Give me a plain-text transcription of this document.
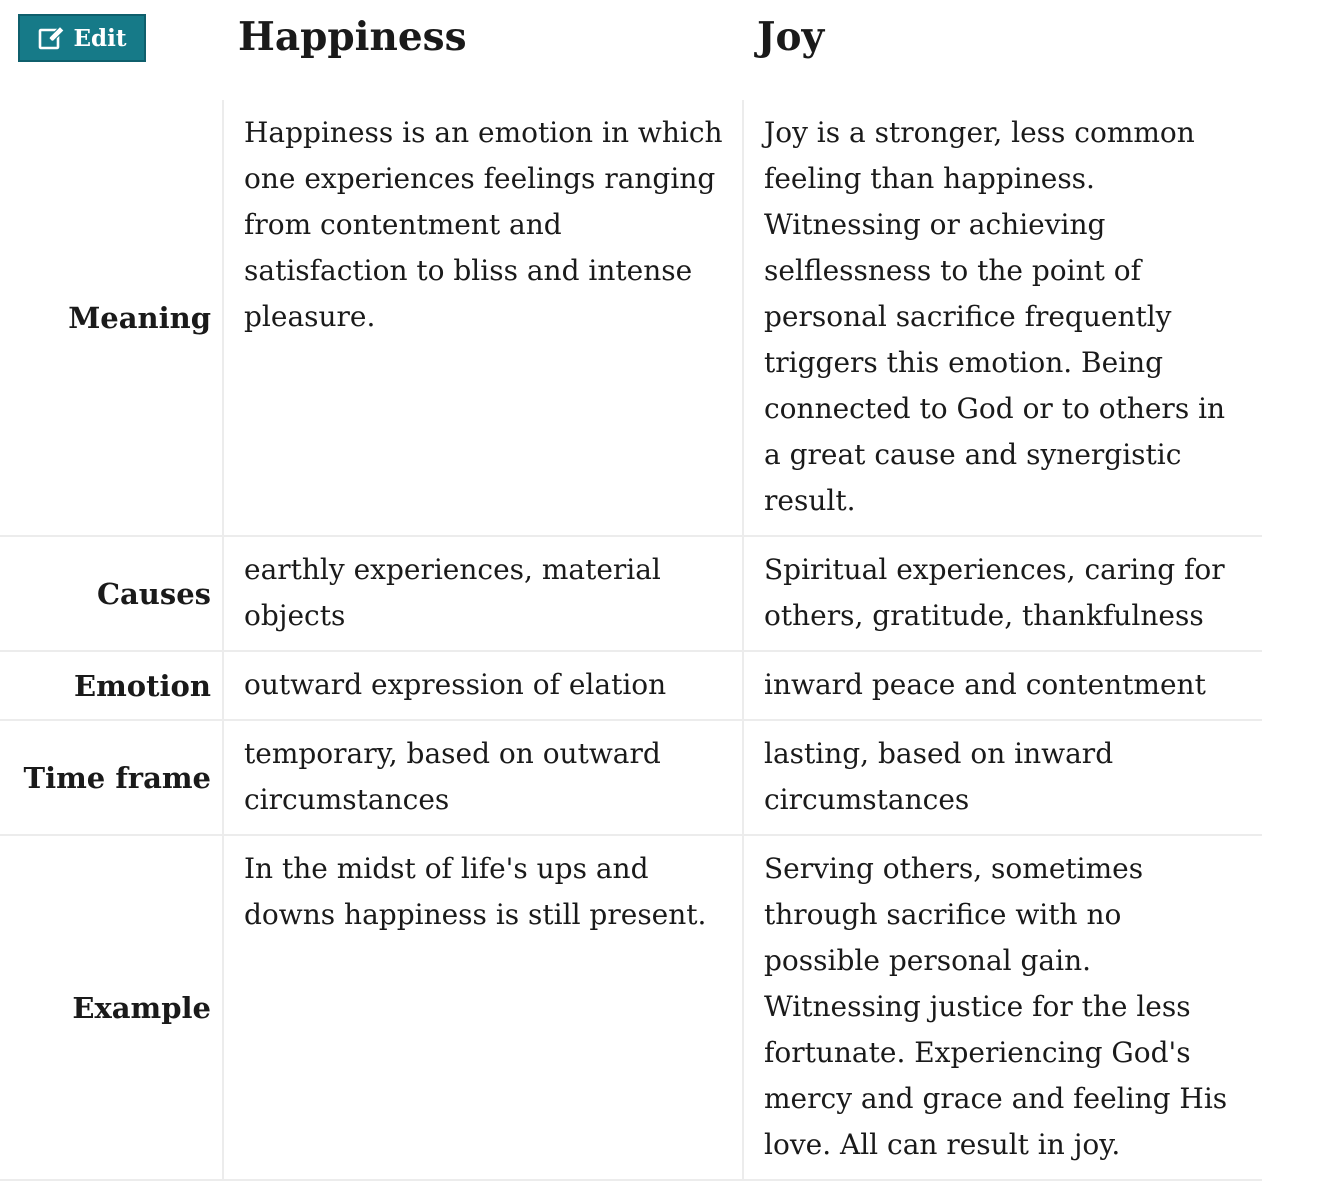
Edit	Happiness	Joy
Meaning	Happiness is an emotion in which one experiences feelings ranging from contentment and satisfaction to bliss and intense pleasure.	Joy is a stronger, less common feeling than happiness. Witnessing or achieving selflessness to the point of personal sacrifice frequently triggers this emotion. Being connected to God or to others in a great cause and synergistic result.
Causes	earthly experiences, material objects	Spiritual experiences, caring for others, gratitude, thankfulness
Emotion	outward expression of elation	inward peace and contentment
Time frame	temporary, based on outward circumstances	lasting, based on inward circumstances
Example	In the midst of life's ups and downs happiness is still present.	Serving others, sometimes through sacrifice with no possible personal gain. Witnessing justice for the less fortunate. Experiencing God's mercy and grace and feeling His love. All can result in joy.
